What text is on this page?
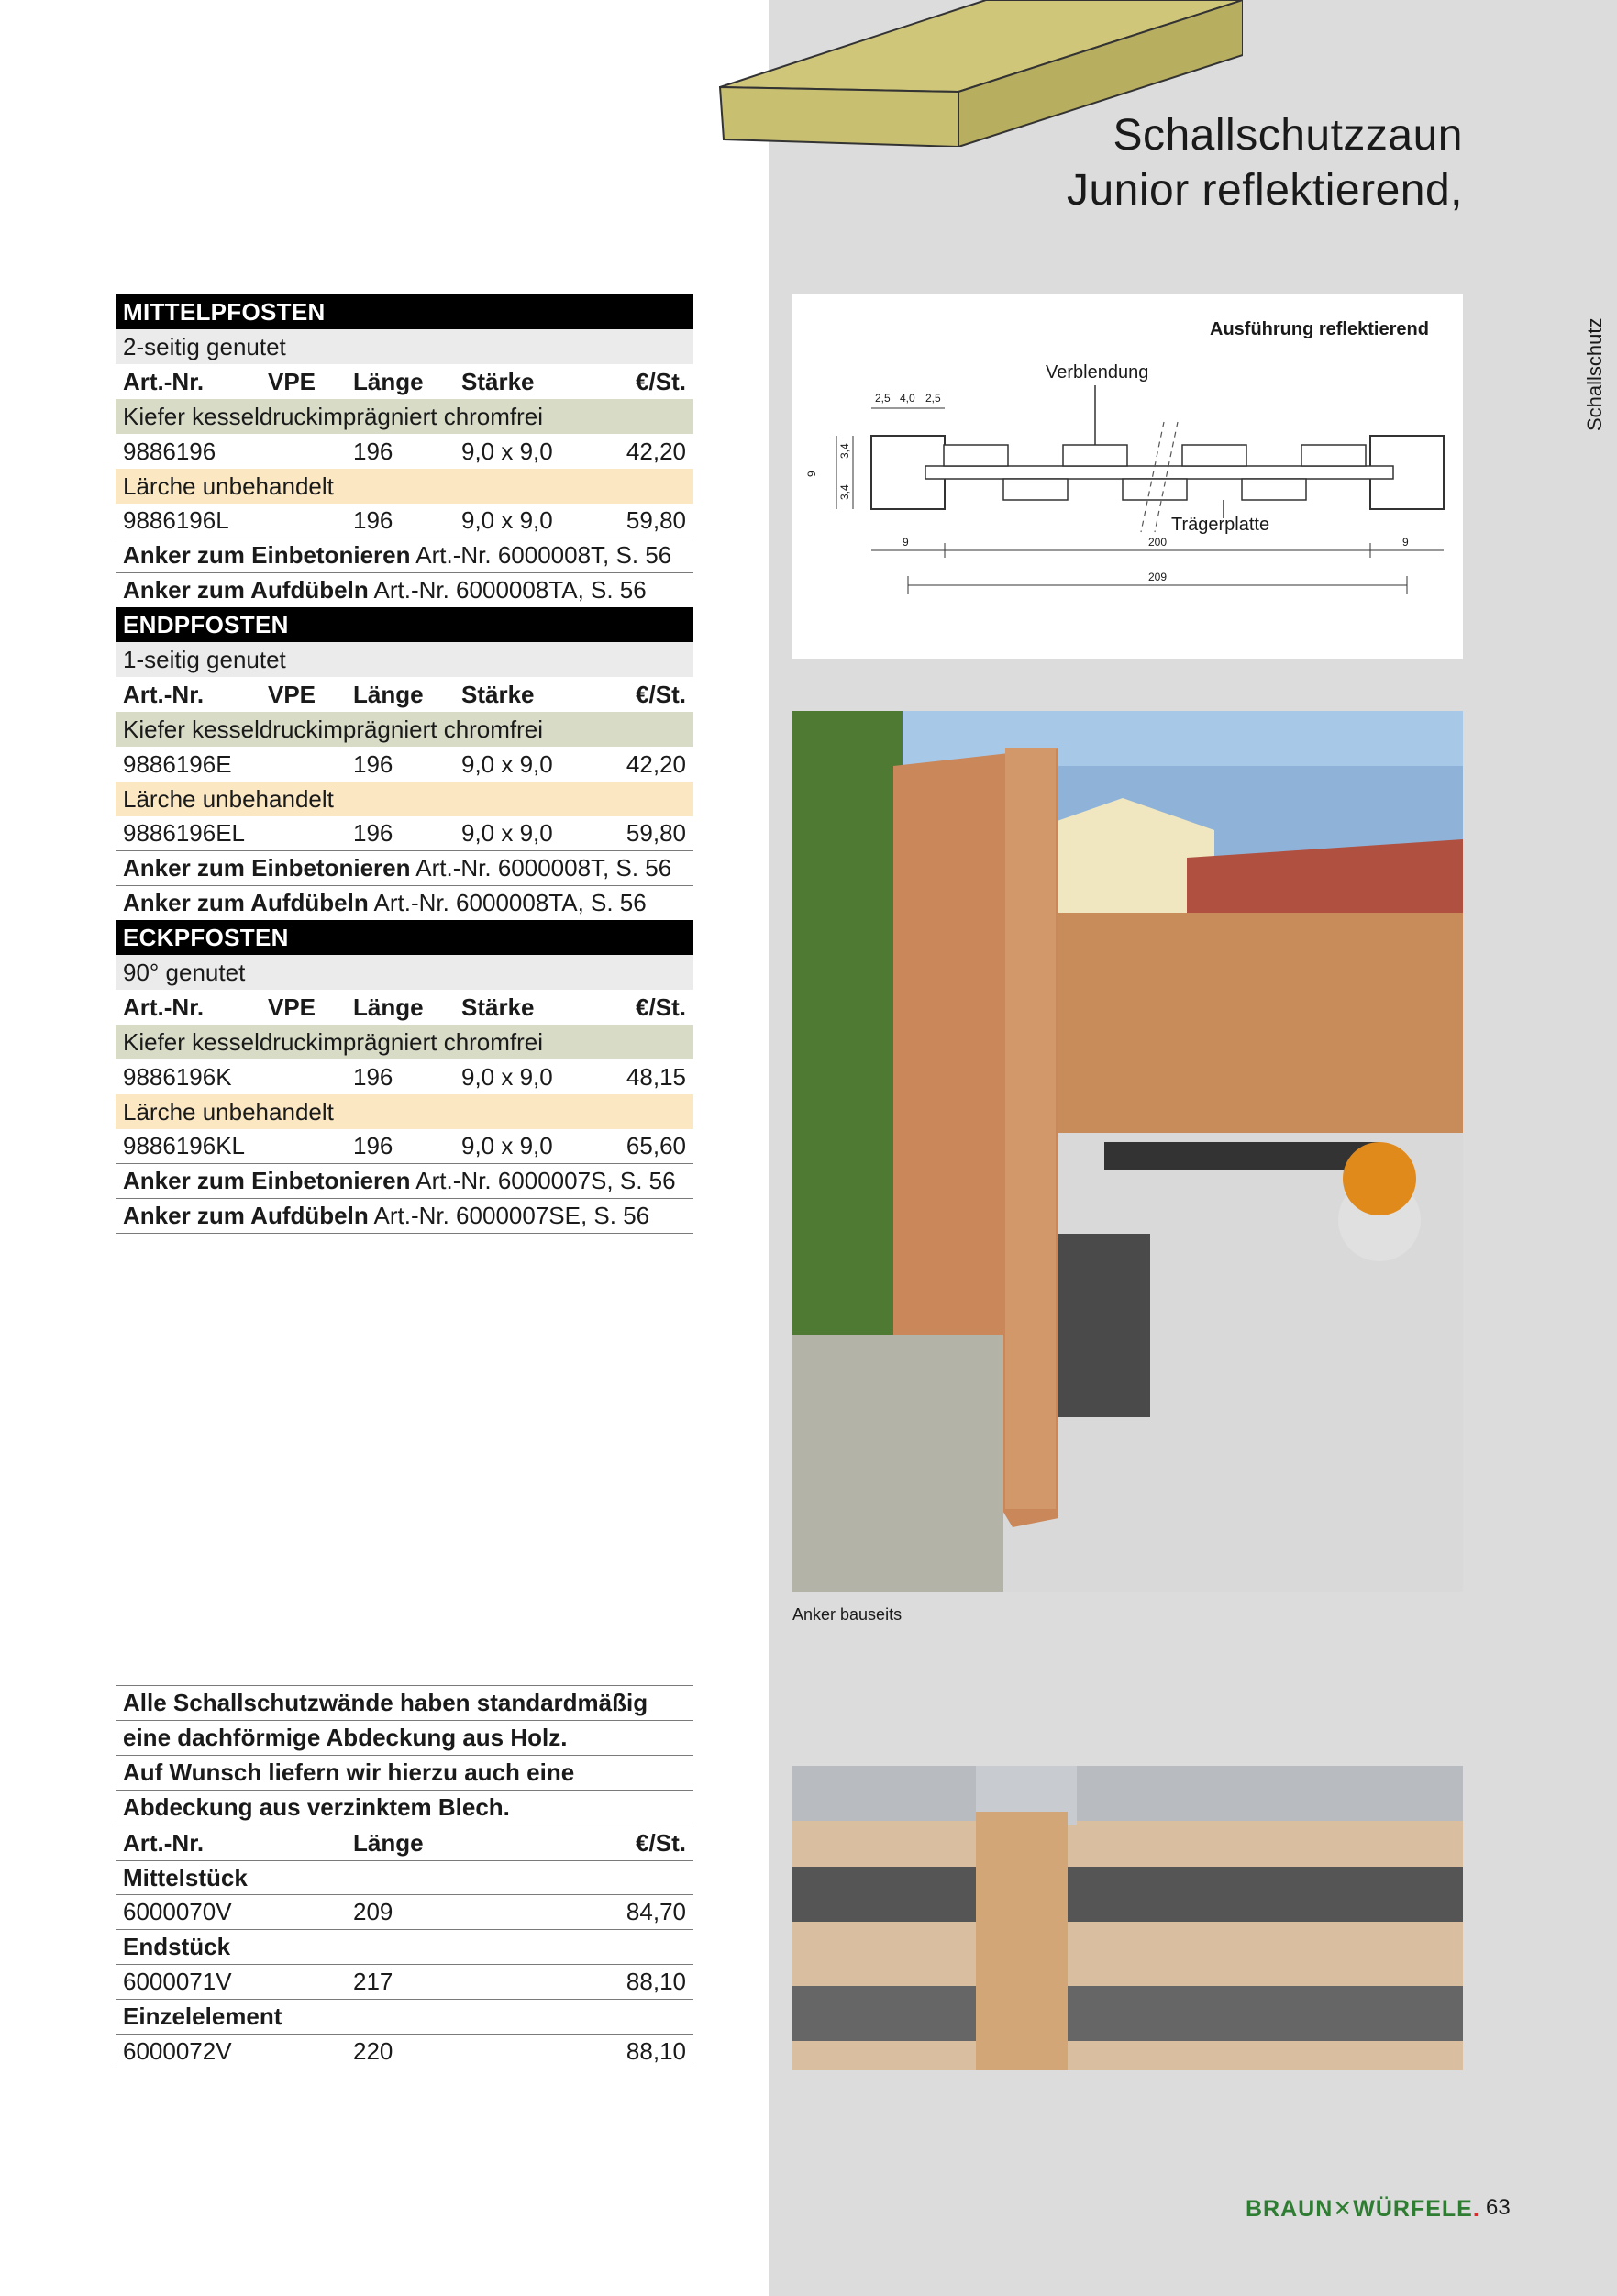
Schallschutzzaun
Junior reflektierend,
Schallschutz
MITTELPFOSTEN
2-seitig genutet
Art.-Nr.	VPE Länge Stärke	€/St.
Kiefer kesseldruckimprägniert chromfrei
9886196	196	9,0 x 9,0	42,20
Lärche unbehandelt
9886196L	196	9,0 x 9,0	59,80
Anker zum Einbetonieren Art.-Nr. 6000008T, S. 56
Anker zum Aufdübeln Art.-Nr. 6000008TA, S. 56
ENDPFOSTEN
1-seitig genutet
Art.-Nr.	VPE Länge Stärke	€/St.
Kiefer kesseldruckimprägniert chromfrei
9886196E	196	9,0 x 9,0	42,20
Lärche unbehandelt
9886196EL	196	9,0 x 9,0	59,80
Anker zum Einbetonieren Art.-Nr. 6000008T, S. 56
Anker zum Aufdübeln Art.-Nr. 6000008TA, S. 56
ECKPFOSTEN
90° genutet
Art.-Nr.	VPE Länge Stärke	€/St.
Kiefer kesseldruckimprägniert chromfrei
9886196K	196	9,0 x 9,0	48,15
Lärche unbehandelt
9886196KL	196	9,0 x 9,0	65,60
Anker zum Einbetonieren Art.-Nr. 6000007S, S. 56
Anker zum Aufdübeln Art.-Nr. 6000007SE, S. 56
Alle Schallschutzwände haben standardmäßig
eine dachförmige Abdeckung aus Holz.
Auf Wunsch liefern wir hierzu auch eine
Abdeckung aus verzinktem Blech.
Art.-Nr.	Länge	€/St.
Mittelstück
6000070V	209	84,70
Endstück
6000071V	217	88,10
Einzelelement
6000072V	220	88,10
Ausführung reflektierend
Verblendung
Trägerplatte
2,5 4,0 2,5
9
3,4
3,4
9	200	9
209
Anker bauseits
BRAUN✕WÜRFELE. 63
